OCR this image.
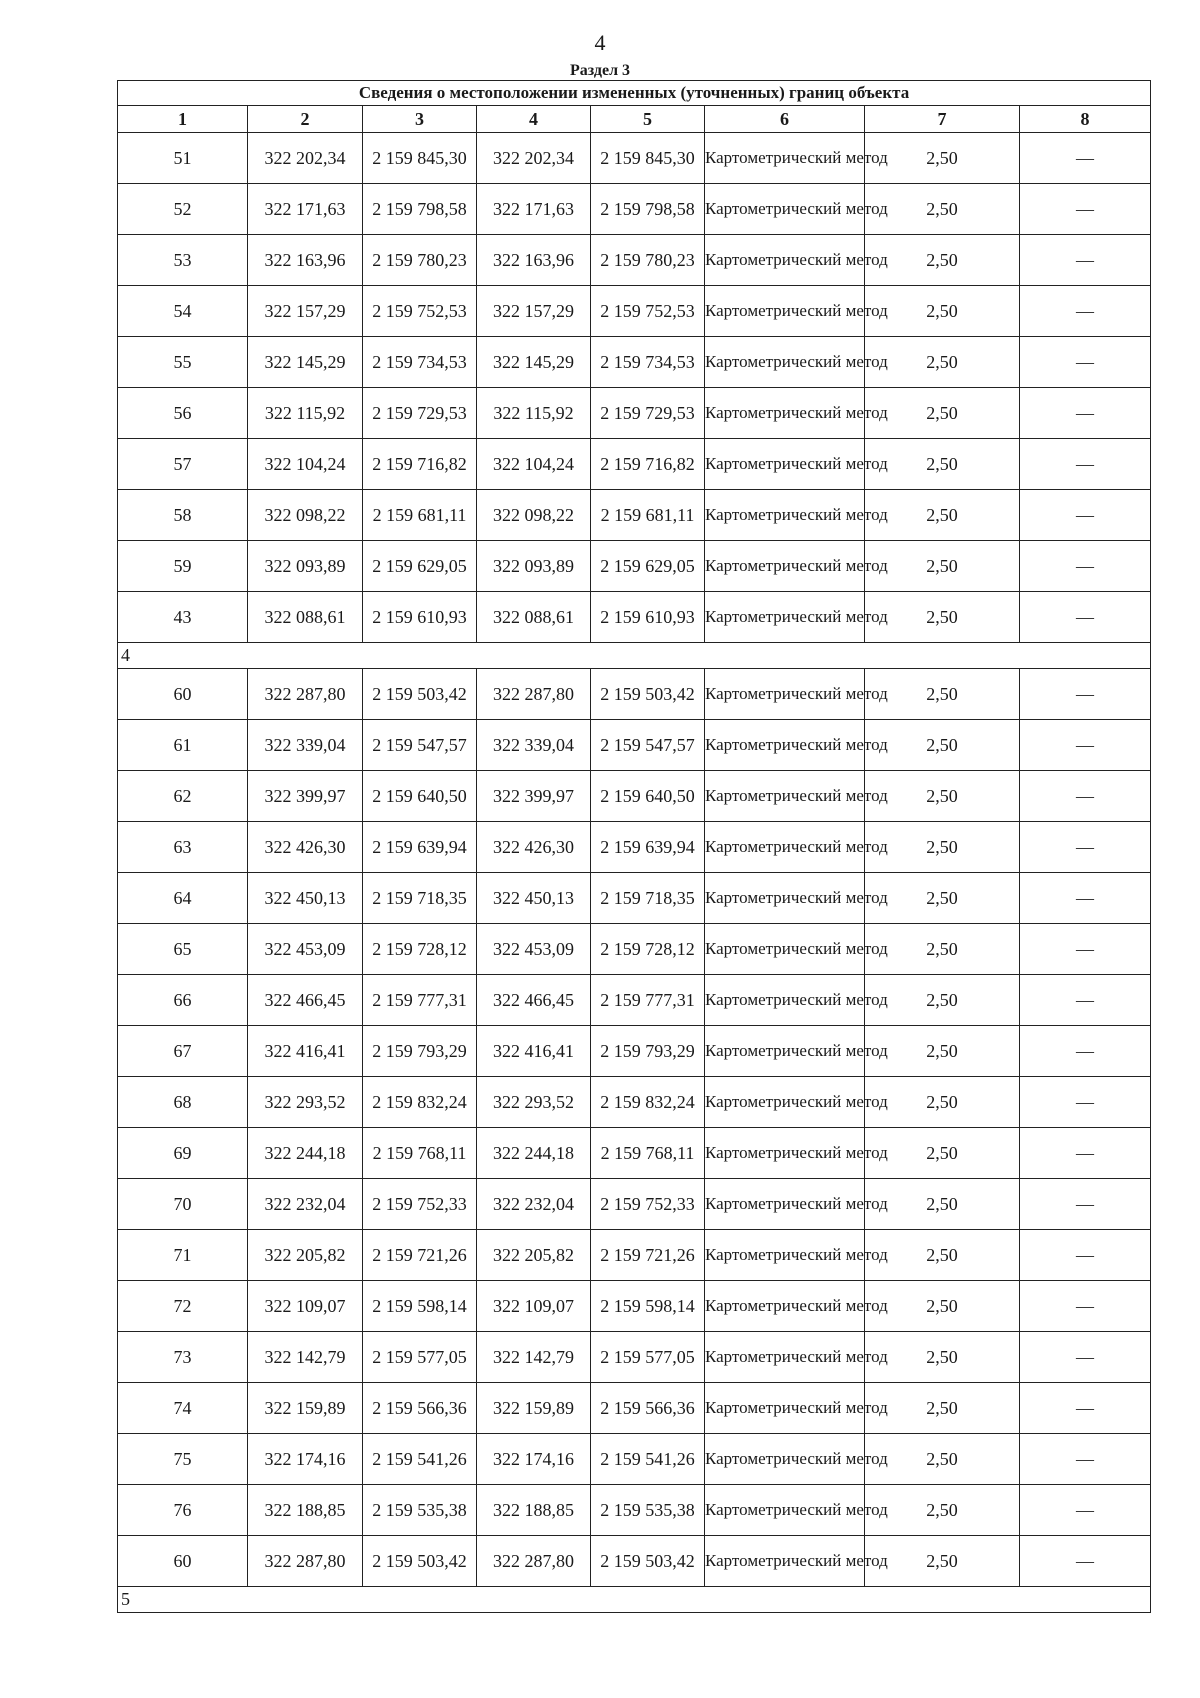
4
Раздел 3
Сведения о местоположении измененных (уточненных) границ объекта							
1	2	3	4	5	6	7	8
51	322 202,34	2 159 845,30	322 202,34	2 159 845,30	Картометрический метод	2,50	—
52	322 171,63	2 159 798,58	322 171,63	2 159 798,58	Картометрический метод	2,50	—
53	322 163,96	2 159 780,23	322 163,96	2 159 780,23	Картометрический метод	2,50	—
54	322 157,29	2 159 752,53	322 157,29	2 159 752,53	Картометрический метод	2,50	—
55	322 145,29	2 159 734,53	322 145,29	2 159 734,53	Картометрический метод	2,50	—
56	322 115,92	2 159 729,53	322 115,92	2 159 729,53	Картометрический метод	2,50	—
57	322 104,24	2 159 716,82	322 104,24	2 159 716,82	Картометрический метод	2,50	—
58	322 098,22	2 159 681,11	322 098,22	2 159 681,11	Картометрический метод	2,50	—
59	322 093,89	2 159 629,05	322 093,89	2 159 629,05	Картометрический метод	2,50	—
43	322 088,61	2 159 610,93	322 088,61	2 159 610,93	Картометрический метод	2,50	—
4							
60	322 287,80	2 159 503,42	322 287,80	2 159 503,42	Картометрический метод	2,50	—
61	322 339,04	2 159 547,57	322 339,04	2 159 547,57	Картометрический метод	2,50	—
62	322 399,97	2 159 640,50	322 399,97	2 159 640,50	Картометрический метод	2,50	—
63	322 426,30	2 159 639,94	322 426,30	2 159 639,94	Картометрический метод	2,50	—
64	322 450,13	2 159 718,35	322 450,13	2 159 718,35	Картометрический метод	2,50	—
65	322 453,09	2 159 728,12	322 453,09	2 159 728,12	Картометрический метод	2,50	—
66	322 466,45	2 159 777,31	322 466,45	2 159 777,31	Картометрический метод	2,50	—
67	322 416,41	2 159 793,29	322 416,41	2 159 793,29	Картометрический метод	2,50	—
68	322 293,52	2 159 832,24	322 293,52	2 159 832,24	Картометрический метод	2,50	—
69	322 244,18	2 159 768,11	322 244,18	2 159 768,11	Картометрический метод	2,50	—
70	322 232,04	2 159 752,33	322 232,04	2 159 752,33	Картометрический метод	2,50	—
71	322 205,82	2 159 721,26	322 205,82	2 159 721,26	Картометрический метод	2,50	—
72	322 109,07	2 159 598,14	322 109,07	2 159 598,14	Картометрический метод	2,50	—
73	322 142,79	2 159 577,05	322 142,79	2 159 577,05	Картометрический метод	2,50	—
74	322 159,89	2 159 566,36	322 159,89	2 159 566,36	Картометрический метод	2,50	—
75	322 174,16	2 159 541,26	322 174,16	2 159 541,26	Картометрический метод	2,50	—
76	322 188,85	2 159 535,38	322 188,85	2 159 535,38	Картометрический метод	2,50	—
60	322 287,80	2 159 503,42	322 287,80	2 159 503,42	Картометрический метод	2,50	—
5							
